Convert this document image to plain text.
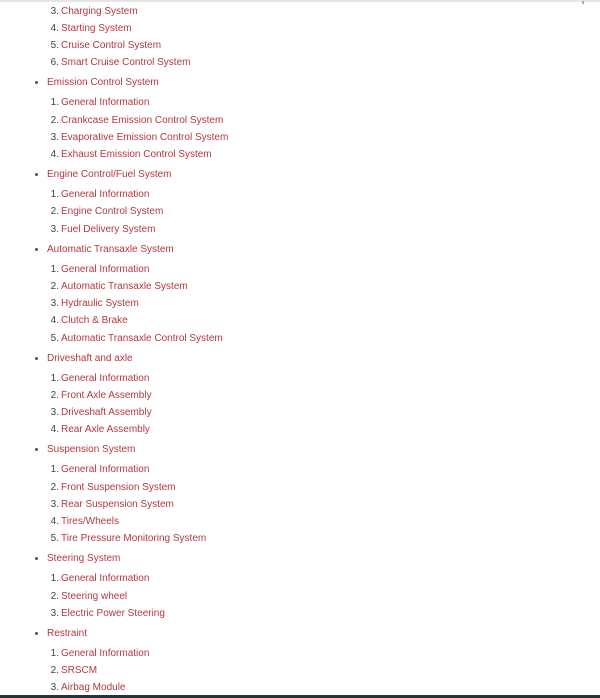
3. Charging System
4. Starting System
5. Cruise Control System
6. Smart Cruise Control System
Emission Control System
1. General Information
2. Crankcase Emission Control System
3. Evaporative Emission Control System
4. Exhaust Emission Control System
Engine Control/Fuel System
1. General Information
2. Engine Control System
3. Fuel Delivery System
Automatic Transaxle System
1. General Information
2. Automatic Transaxle System
3. Hydraulic System
4. Clutch & Brake
5. Automatic Transaxle Control System
Driveshaft and axle
1. General Information
2. Front Axle Assembly
3. Driveshaft Assembly
4. Rear Axle Assembly
Suspension System
1. General Information
2. Front Suspension System
3. Rear Suspension System
4. Tires/Wheels
5. Tire Pressure Monitoring System
Steering System
1. General Information
2. Steering wheel
3. Electric Power Steering
Restraint
1. General Information
2. SRSCM
3. Airbag Module
